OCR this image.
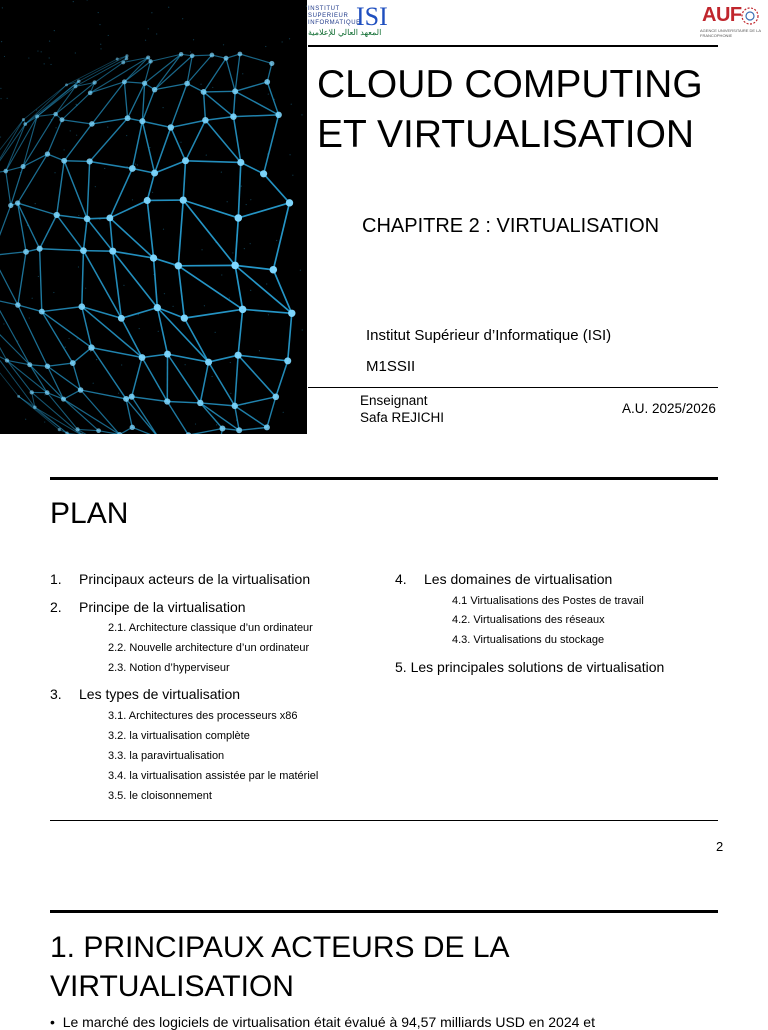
INSTITUT
SUPERIEUR
INFORMATIQUE
ISI
المعهد العالي للإعلامية
AUF
AGENCE UNIVERSITAIRE DE LA FRANCOPHONIE
CLOUD COMPUTING
ET VIRTUALISATION
CHAPITRE 2 : VIRTUALISATION
Institut Supérieur d’Informatique (ISI)
M1SSII
Enseignant
Safa REJICHI
A.U. 2025/2026
PLAN
1. Principaux acteurs de la virtualisation
2. Principe de la virtualisation
2.1. Architecture classique d’un ordinateur
2.2. Nouvelle architecture d’un ordinateur
2.3. Notion d’hyperviseur
3. Les types de virtualisation
3.1. Architectures des processeurs x86
3.2. la virtualisation complète
3.3. la paravirtualisation
3.4. la virtualisation assistée par le matériel
3.5. le cloisonnement
4. Les domaines de virtualisation
4.1 Virtualisations des Postes de travail
4.2. Virtualisations des réseaux
4.3. Virtualisations du stockage
5. Les principales solutions de virtualisation
2
1. PRINCIPAUX ACTEURS DE LA VIRTUALISATION
•  Le marché des logiciels de virtualisation était évalué à 94,57 milliards USD en 2024 et
